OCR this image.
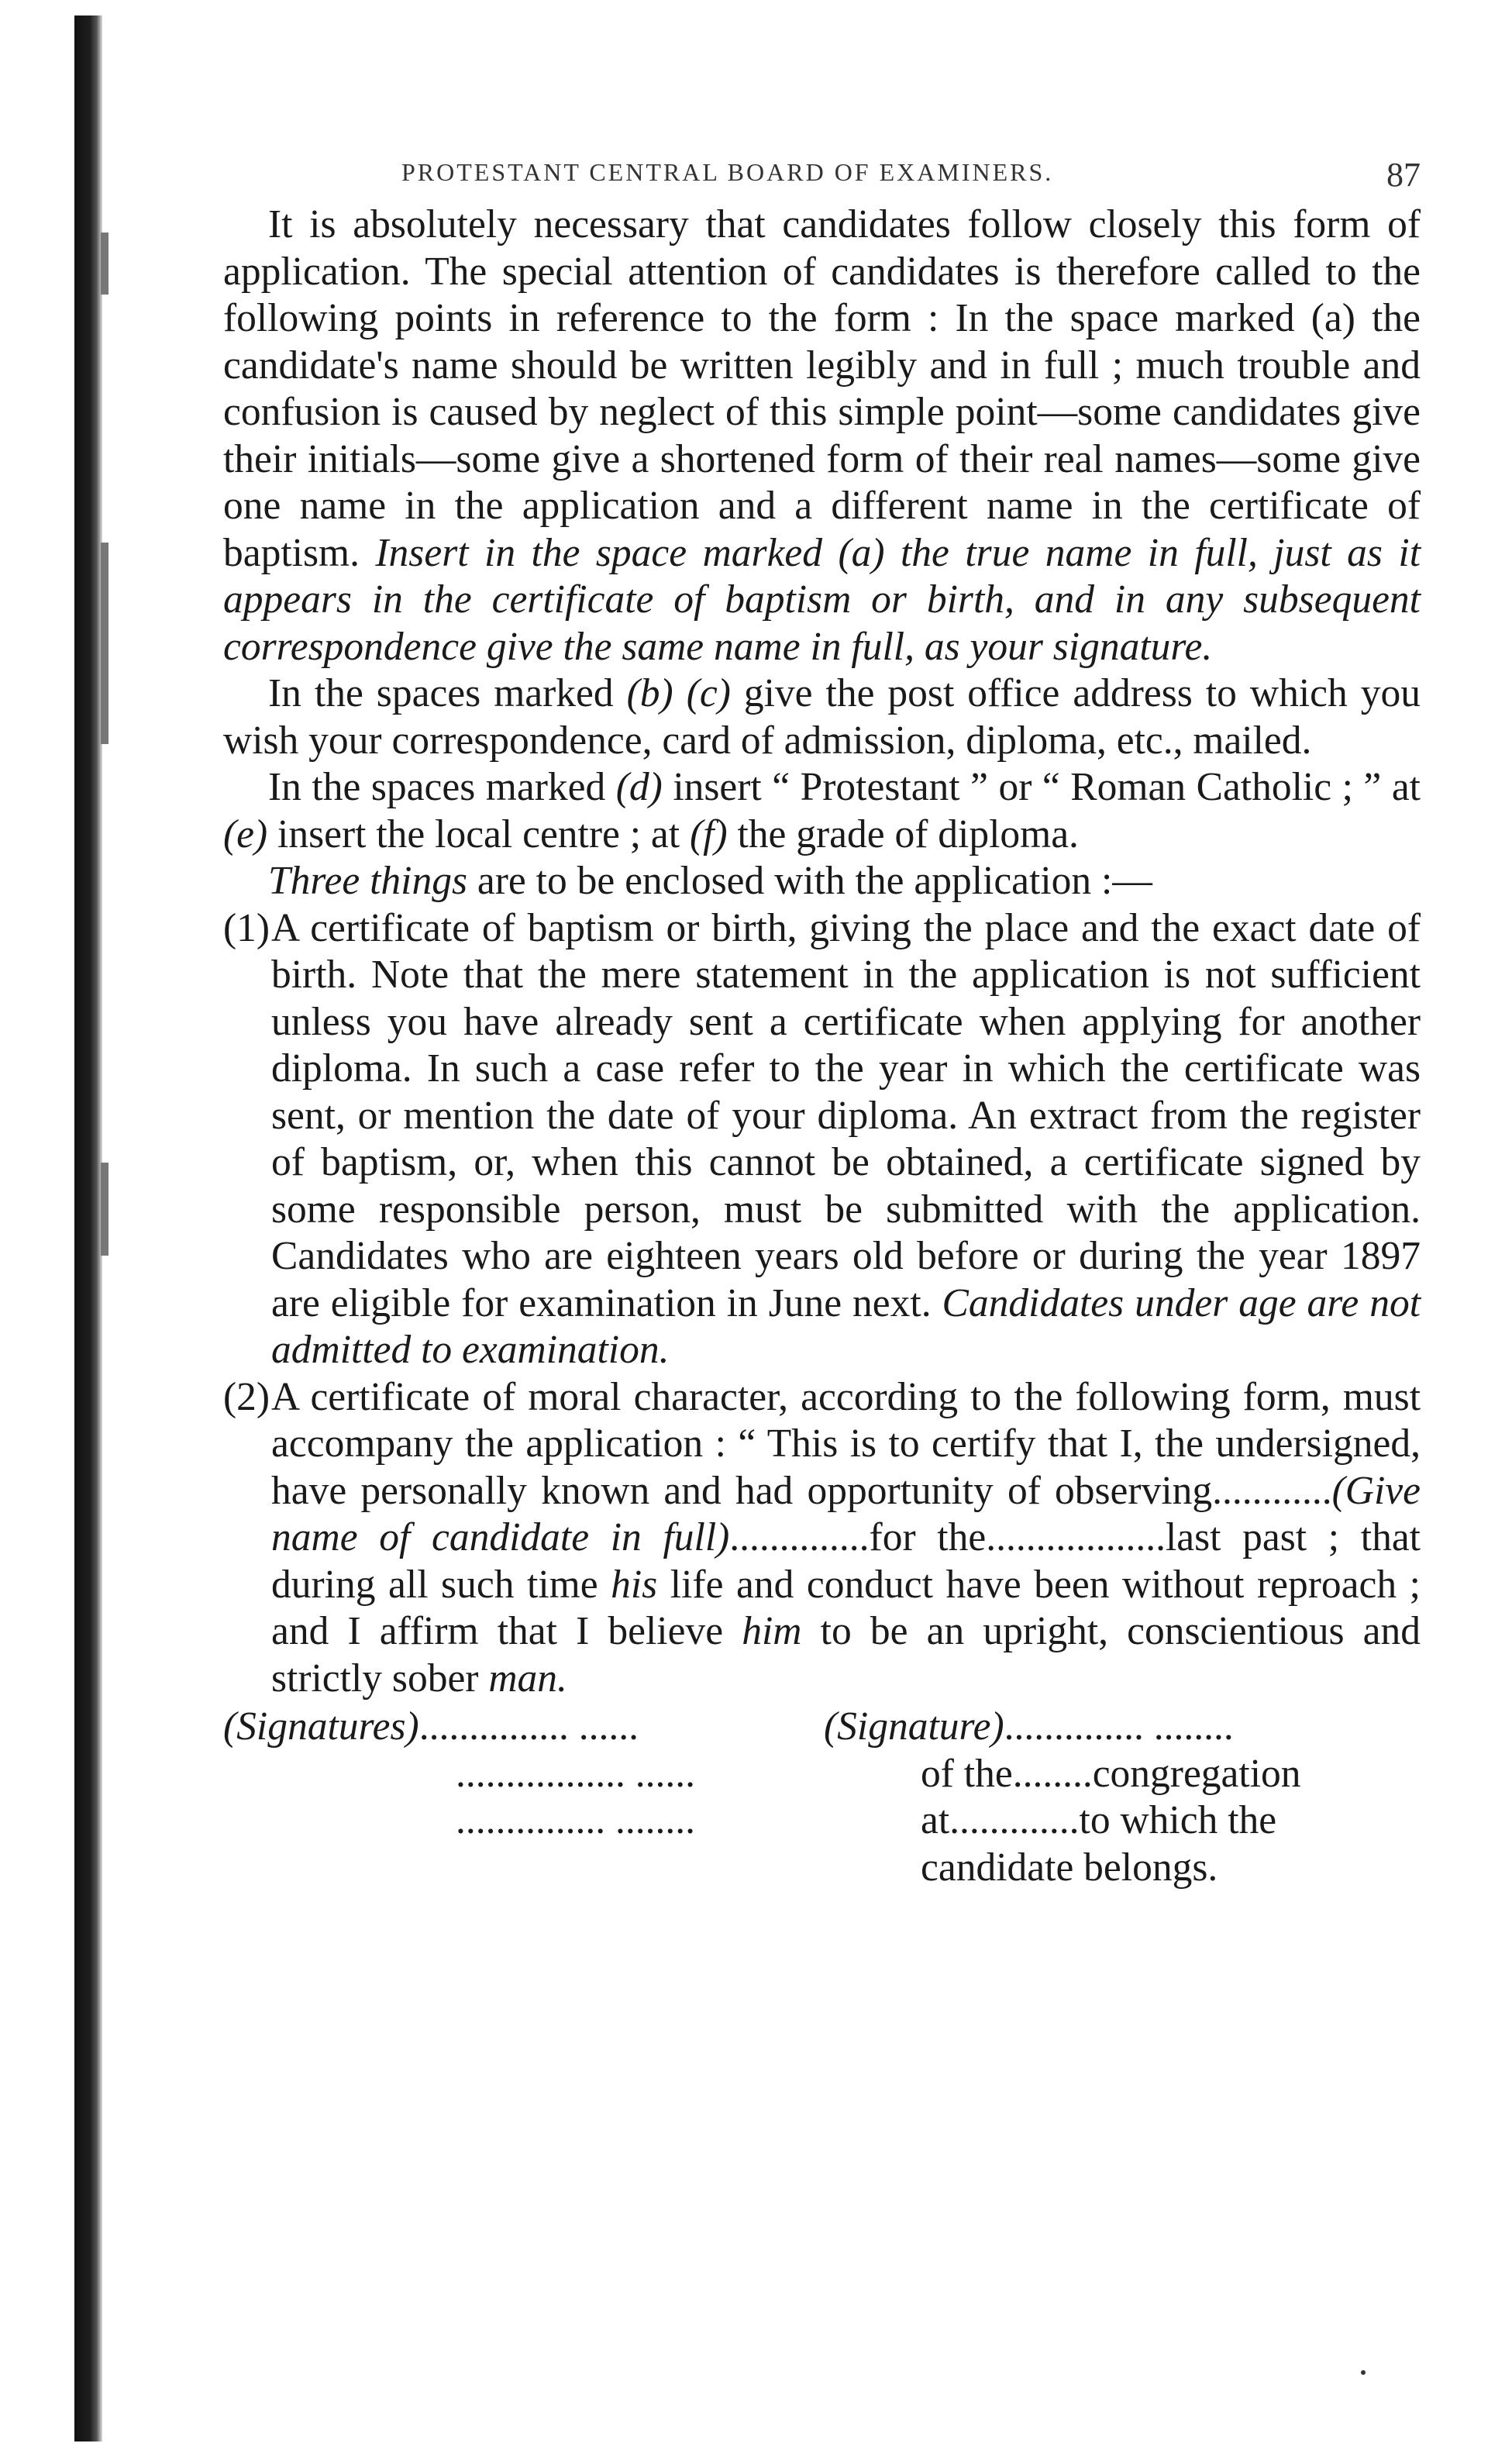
PROTESTANT CENTRAL BOARD OF EXAMINERS.	87

It is absolutely necessary that candidates follow closely this form of application. The special attention of candidates is therefore called to the following points in reference to the form : In the space marked (a) the candidate's name should be written legibly and in full ; much trouble and confusion is caused by neglect of this simple point—some candidates give their initials—some give a shortened form of their real names—some give one name in the application and a different name in the certificate of baptism. Insert in the space marked (a) the true name in full, just as it appears in the certificate of baptism or birth, and in any subsequent correspondence give the same name in full, as your signature.

In the spaces marked (b) (c) give the post office address to which you wish your correspondence, card of admission, diploma, etc., mailed.

In the spaces marked (d) insert “ Protestant ” or “ Roman Catholic ; ” at (e) insert the local centre ; at (f) the grade of diploma.

Three things are to be enclosed with the application :—

(1) A certificate of baptism or birth, giving the place and the exact date of birth. Note that the mere statement in the application is not sufficient unless you have already sent a certificate when applying for another diploma. In such a case refer to the year in which the certificate was sent, or mention the date of your diploma. An extract from the register of baptism, or, when this cannot be obtained, a certificate signed by some responsible person, must be submitted with the application. Candidates who are eighteen years old before or during the year 1897 are eligible for examination in June next. Candidates under age are not admitted to examination.

(2) A certificate of moral character, according to the following form, must accompany the application : “ This is to certify that I, the undersigned, have personally known and had opportunity of observing............(Give name of candidate in full)..............for the..................last past ; that during all such time his life and conduct have been without reproach ; and I affirm that I believe him to be an upright, conscientious and strictly sober man.

(Signatures)............... ......	(Signature).............. ........
................. ......	of the........congregation
............... ........	at.............to which the
candidate belongs.
